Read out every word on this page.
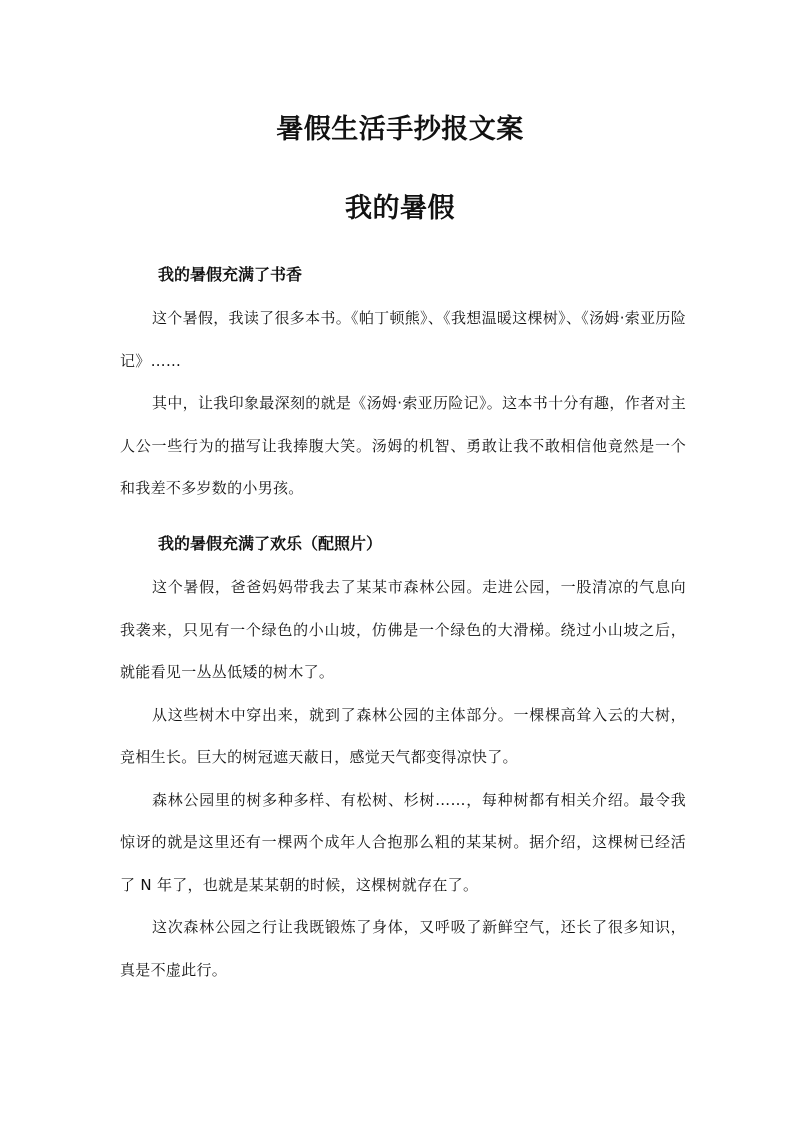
暑假生活手抄报文案
我的暑假
我的暑假充满了书香

这个暑假，我读了很多本书。《帕丁顿熊》、《我想温暖这棵树》、《汤姆·索亚历险记》……

其中，让我印象最深刻的就是《汤姆·索亚历险记》。这本书十分有趣，作者对主人公一些行为的描写让我捧腹大笑。汤姆的机智、勇敢让我不敢相信他竟然是一个和我差不多岁数的小男孩。

我的暑假充满了欢乐（配照片）

这个暑假，爸爸妈妈带我去了某某市森林公园。走进公园，一股清凉的气息向我袭来，只见有一个绿色的小山坡，仿佛是一个绿色的大滑梯。绕过小山坡之后，就能看见一丛丛低矮的树木了。

从这些树木中穿出来，就到了森林公园的主体部分。一棵棵高耸入云的大树，竞相生长。巨大的树冠遮天蔽日，感觉天气都变得凉快了。

森林公园里的树多种多样、有松树、杉树……，每种树都有相关介绍。最令我惊讶的就是这里还有一棵两个成年人合抱那么粗的某某树。据介绍，这棵树已经活了 N 年了，也就是某某朝的时候，这棵树就存在了。

这次森林公园之行让我既锻炼了身体，又呼吸了新鲜空气，还长了很多知识，真是不虚此行。
